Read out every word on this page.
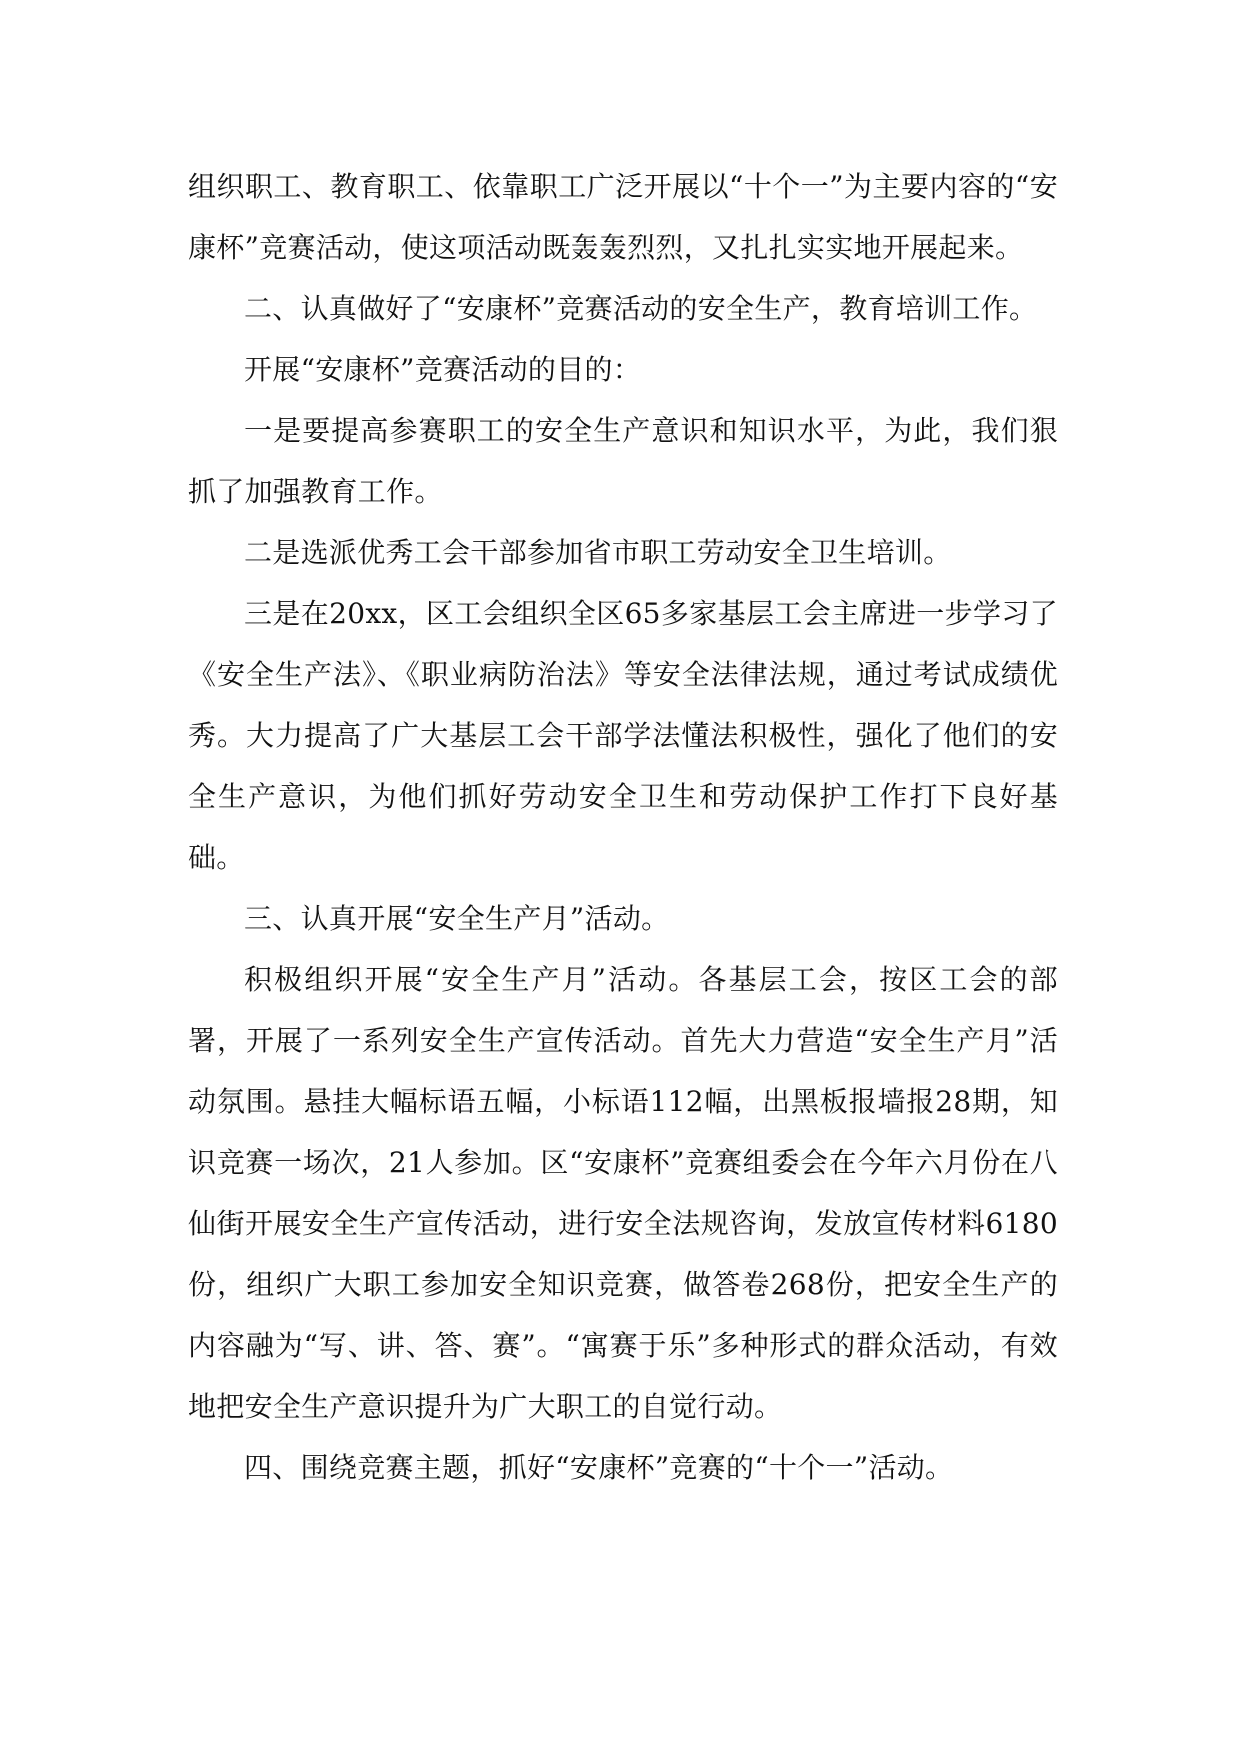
组织职工、教育职工、依靠职工广泛开展以“十个一”为主要内容的“安康杯”竞赛活动，使这项活动既轰轰烈烈，又扎扎实实地开展起来。

二、认真做好了“安康杯”竞赛活动的安全生产，教育培训工作。

开展“安康杯”竞赛活动的目的：

一是要提高参赛职工的安全生产意识和知识水平，为此，我们狠抓了加强教育工作。

二是选派优秀工会干部参加省市职工劳动安全卫生培训。

三是在20xx，区工会组织全区65多家基层工会主席进一步学习了《安全生产法》、《职业病防治法》等安全法律法规，通过考试成绩优秀。大力提高了广大基层工会干部学法懂法积极性，强化了他们的安全生产意识，为他们抓好劳动安全卫生和劳动保护工作打下良好基础。

三、认真开展“安全生产月”活动。

积极组织开展“安全生产月”活动。各基层工会，按区工会的部署，开展了一系列安全生产宣传活动。首先大力营造“安全生产月”活动氛围。悬挂大幅标语五幅，小标语112幅，出黑板报墙报28期，知识竞赛一场次，21人参加。区“安康杯”竞赛组委会在今年六月份在八仙街开展安全生产宣传活动，进行安全法规咨询，发放宣传材料6180份，组织广大职工参加安全知识竞赛，做答卷268份，把安全生产的内容融为“写、讲、答、赛”。“寓赛于乐”多种形式的群众活动，有效地把安全生产意识提升为广大职工的自觉行动。

四、围绕竞赛主题，抓好“安康杯”竞赛的“十个一”活动。
